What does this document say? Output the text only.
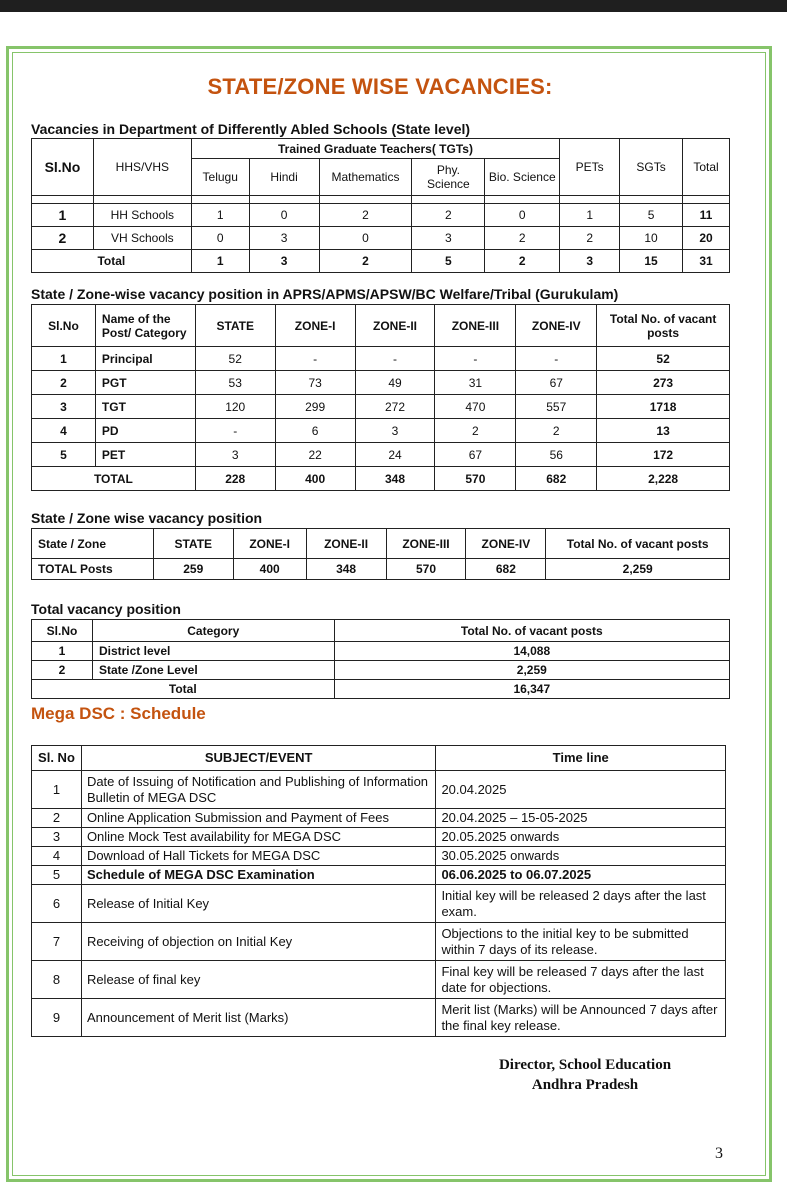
STATE/ZONE WISE VACANCIES:
Vacancies in Department of Differently Abled Schools (State level)
Sl.No	HHS/VHS	Trained Graduate Teachers( TGTs)					PETs	SGTs	Total
		Telugu	Hindi	Mathematics	Phy. Science	Bio. Science			

1	HH Schools	1	0	2	2	0	1	5	11
2	VH Schools	0	3	0	3	2	2	10	20
Total		1	3	2	5	2	3	15	31
State / Zone-wise vacancy position in APRS/APMS/APSW/BC Welfare/Tribal (Gurukulam)
Sl.No	Name of the Post/ Category	STATE	ZONE-I	ZONE-II	ZONE-III	ZONE-IV	Total No. of vacant posts
1	Principal	52	-	-	-	-	52
2	PGT	53	73	49	31	67	273
3	TGT	120	299	272	470	557	1718
4	PD	-	6	3	2	2	13
5	PET	3	22	24	67	56	172
TOTAL		228	400	348	570	682	2,228
State / Zone wise vacancy position
State / Zone	STATE	ZONE-I	ZONE-II	ZONE-III	ZONE-IV	Total No. of vacant posts
TOTAL Posts	259	400	348	570	682	2,259
Total vacancy position
Sl.No	Category	Total No. of vacant posts
1	District level	14,088
2	State /Zone Level	2,259
Total		16,347
Mega DSC : Schedule
Sl. No	SUBJECT/EVENT	Time line
1	Date of Issuing of Notification and Publishing of Information Bulletin of MEGA DSC	20.04.2025
2	Online Application Submission and Payment of Fees	20.04.2025 – 15-05-2025
3	Online Mock Test availability for MEGA DSC	20.05.2025 onwards
4	Download of Hall Tickets for MEGA DSC	30.05.2025 onwards
5	Schedule of MEGA DSC Examination	06.06.2025 to 06.07.2025
6	Release of Initial Key	Initial key will be released 2 days after the last exam.
7	Receiving of objection on Initial Key	Objections to the initial key to be submitted within 7 days of its release.
8	Release of final key	Final key will be released 7 days after the last date for objections.
9	Announcement of Merit list (Marks)	Merit list (Marks) will be Announced 7 days after the final key release.
Director, School Education
Andhra Pradesh
3
